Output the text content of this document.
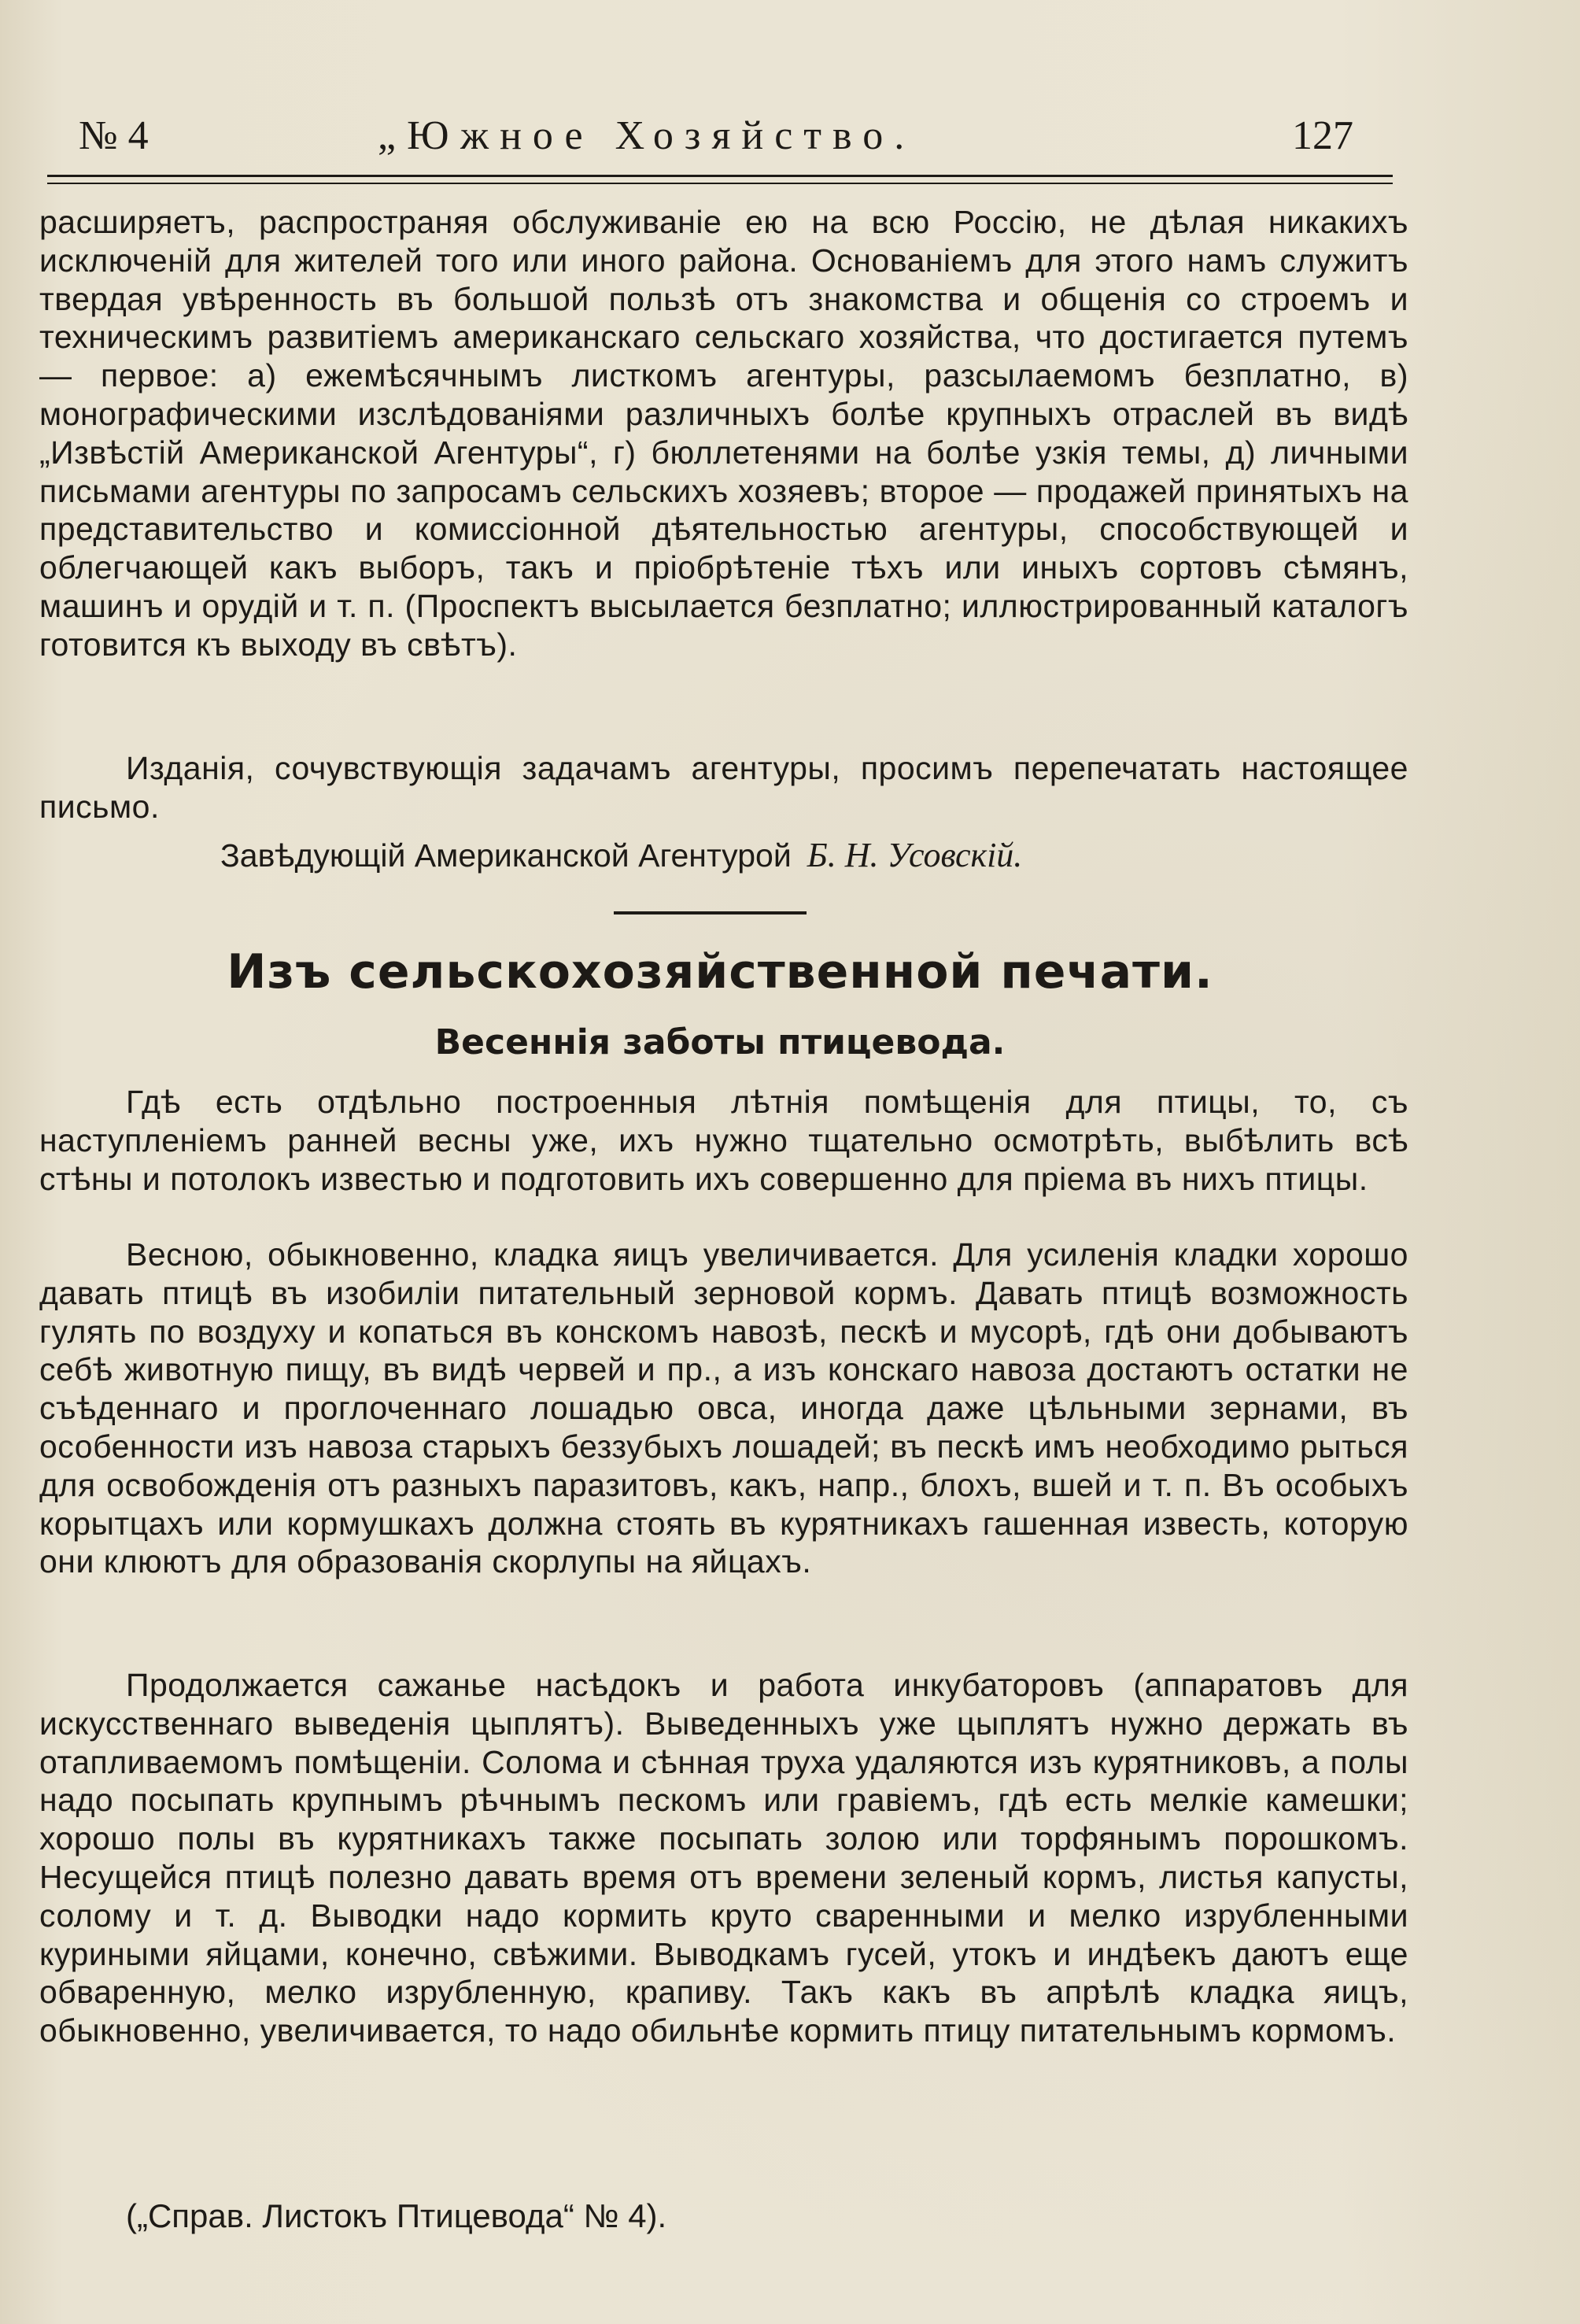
№ 4	„Южное Хозяйство.	127

расширяетъ, распространяя обслуживаніе ею на всю Россію, не дѣлая никакихъ исключеній для жителей того или иного района. Основаніемъ для этого намъ служитъ твердая увѣренность въ большой пользѣ отъ знакомства и общенія со строемъ и техническимъ развитіемъ американскаго сельскаго хозяйства, что достигается путемъ — первое: а) ежемѣсячнымъ листкомъ агентуры, разсылаемомъ безплатно, в) монографическими изслѣдованіями различныхъ болѣе крупныхъ отраслей въ видѣ „Извѣстій Американской Агентуры“, г) бюллетенями на болѣе узкія темы, д) личными письмами агентуры по запросамъ сельскихъ хозяевъ; второе — продажей принятыхъ на представительство и комиссіонной дѣятельностью агентуры, способствующей и облегчающей какъ выборъ, такъ и пріобрѣтеніе тѣхъ или иныхъ сортовъ сѣмянъ, машинъ и орудій и т. п. (Проспектъ высылается безплатно; иллюстрированный каталогъ готовится къ выходу въ свѣтъ).

Изданія, сочувствующія задачамъ агентуры, просимъ перепечатать настоящее письмо.

Завѣдующій Американской Агентурой Б. Н. Усовскій.
Изъ сельскохозяйственной печати.
Весеннія заботы птицевода.

Гдѣ есть отдѣльно построенныя лѣтнія помѣщенія для птицы, то, съ наступленіемъ ранней весны уже, ихъ нужно тщательно осмотрѣть, выбѣлить всѣ стѣны и потолокъ известью и подготовить ихъ совершенно для пріема въ нихъ птицы.

Весною, обыкновенно, кладка яицъ увеличивается. Для усиленія кладки хорошо давать птицѣ въ изобиліи питательный зерновой кормъ. Давать птицѣ возможность гулять по воздуху и копаться въ конскомъ навозѣ, пескѣ и мусорѣ, гдѣ они добываютъ себѣ животную пищу, въ видѣ червей и пр., а изъ конскаго навоза достаютъ остатки не съѣденнаго и проглоченнаго лошадью овса, иногда даже цѣльными зернами, въ особенности изъ навоза старыхъ беззубыхъ лошадей; въ пескѣ имъ необходимо рыться для освобожденія отъ разныхъ паразитовъ, какъ, напр., блохъ, вшей и т. п. Въ особыхъ корытцахъ или кормушкахъ должна стоять въ курятникахъ гашенная известь, которую они клюютъ для образованія скорлупы на яйцахъ.

Продолжается сажанье насѣдокъ и работа инкубаторовъ (аппаратовъ для искусственнаго выведенія цыплятъ). Выведенныхъ уже цыплятъ нужно держать въ отапливаемомъ помѣщеніи. Солома и сѣнная труха удаляются изъ курятниковъ, а полы надо посыпать крупнымъ рѣчнымъ пескомъ или гравіемъ, гдѣ есть мелкіе камешки; хорошо полы въ курятникахъ также посыпать золою или торфянымъ порошкомъ. Несущейся птицѣ полезно давать время отъ времени зеленый кормъ, листья капусты, солому и т. д. Выводки надо кормить круто сваренными и мелко изрубленными куриными яйцами, конечно, свѣжими. Выводкамъ гусей, утокъ и индѣекъ даютъ еще обваренную, мелко изрубленную, крапиву. Такъ какъ въ апрѣлѣ кладка яицъ, обыкновенно, увеличивается, то надо обильнѣе кормить птицу питательнымъ кормомъ.

(„Справ. Листокъ Птицевода“ № 4).
